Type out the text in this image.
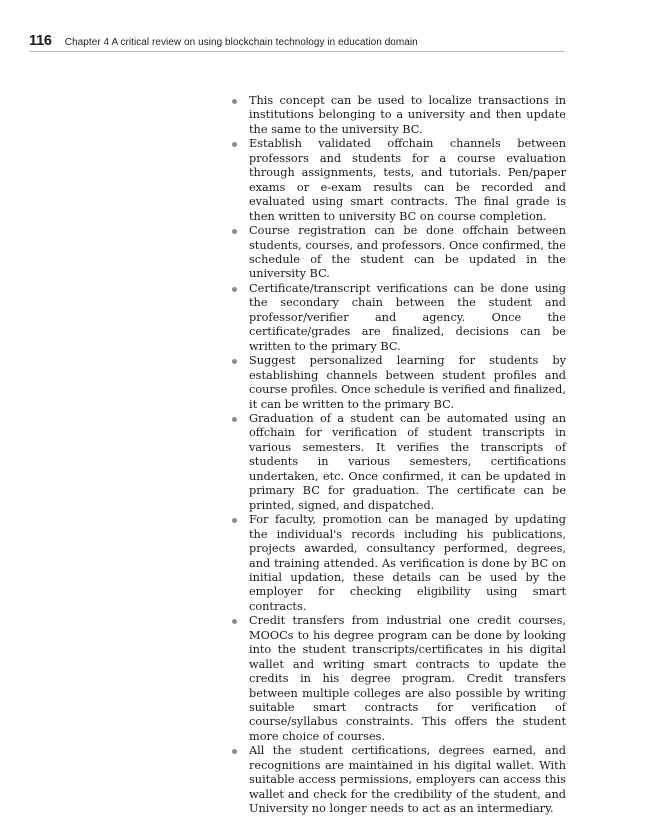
116 Chapter 4 A critical review on using blockchain technology in education domain
This concept can be used to localize transactions in institutions belonging to a university and then update the same to the university BC.
Establish validated offchain channels between professors and students for a course evaluation through assignments, tests, and tutorials. Pen/paper exams or e-exam results can be recorded and evaluated using smart contracts. The final grade is then written to university BC on course completion.
Course registration can be done offchain between students, courses, and professors. Once confirmed, the schedule of the student can be updated in the university BC.
Certificate/transcript verifications can be done using the secondary chain between the student and professor/verifier and agency. Once the certificate/grades are finalized, decisions can be written to the primary BC.
Suggest personalized learning for students by establishing channels between student profiles and course profiles. Once schedule is verified and finalized, it can be written to the primary BC.
Graduation of a student can be automated using an offchain for verification of student transcripts in various semesters. It verifies the transcripts of students in various semesters, certifications undertaken, etc. Once confirmed, it can be updated in primary BC for graduation. The certificate can be printed, signed, and dispatched.
For faculty, promotion can be managed by updating the individual's records including his publications, projects awarded, consultancy performed, degrees, and training attended. As verification is done by BC on initial updation, these details can be used by the employer for checking eligibility using smart contracts.
Credit transfers from industrial one credit courses, MOOCs to his degree program can be done by looking into the student transcripts/certificates in his digital wallet and writing smart contracts to update the credits in his degree program. Credit transfers between multiple colleges are also possible by writing suitable smart contracts for verification of course/syllabus constraints. This offers the student more choice of courses.
All the student certifications, degrees earned, and recognitions are maintained in his digital wallet. With suitable access permissions, employers can access this wallet and check for the credibility of the student, and University no longer needs to act as an intermediary.
